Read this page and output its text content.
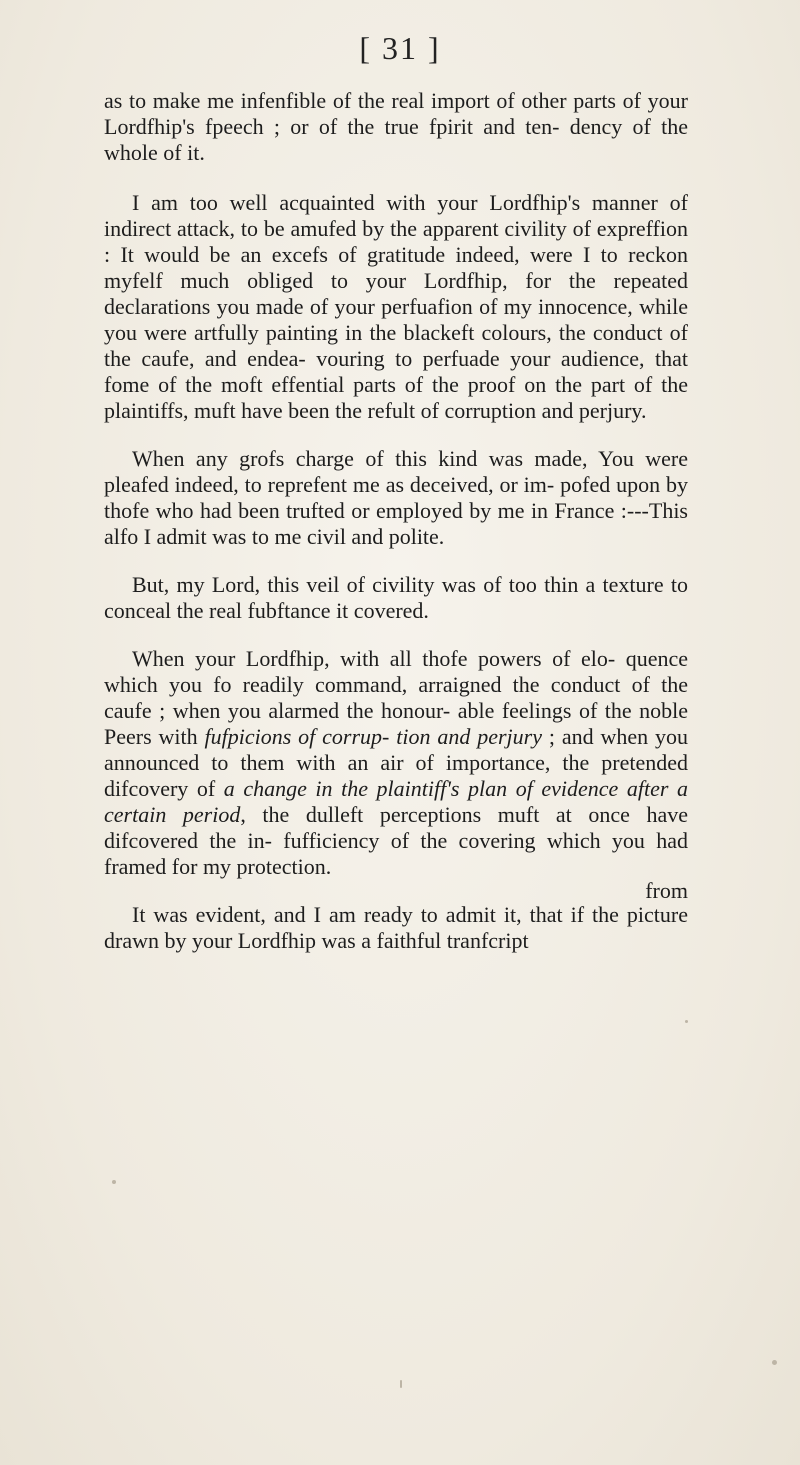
[ 31 ]

as to make me infenfible of the real import of other parts of your Lordfhip's fpeech ; or of the true fpirit and ten- dency of the whole of it.

I am too well acquainted with your Lordfhip's manner of indirect attack, to be amufed by the apparent civility of expreffion : It would be an excefs of gratitude indeed, were I to reckon myfelf much obliged to your Lordfhip, for the repeated declarations you made of your perfuafion of my innocence, while you were artfully painting in the blackeft colours, the conduct of the caufe, and endea- vouring to perfuade your audience, that fome of the moft effential parts of the proof on the part of the plaintiffs, muft have been the refult of corruption and perjury.

When any grofs charge of this kind was made, You were pleafed indeed, to reprefent me as deceived, or im- pofed upon by thofe who had been trufted or employed by me in France :---This alfo I admit was to me civil and polite.

But, my Lord, this veil of civility was of too thin a texture to conceal the real fubftance it covered.

When your Lordfhip, with all thofe powers of elo- quence which you fo readily command, arraigned the conduct of the caufe ; when you alarmed the honour- able feelings of the noble Peers with fufpicions of corrup- tion and perjury ; and when you announced to them with an air of importance, the pretended difcovery of a change in the plaintiff's plan of evidence after a certain period, the dulleft perceptions muft at once have difcovered the in- fufficiency of the covering which you had framed for my protection.

It was evident, and I am ready to admit it, that if the picture drawn by your Lordfhip was a faithful tranfcript

from
